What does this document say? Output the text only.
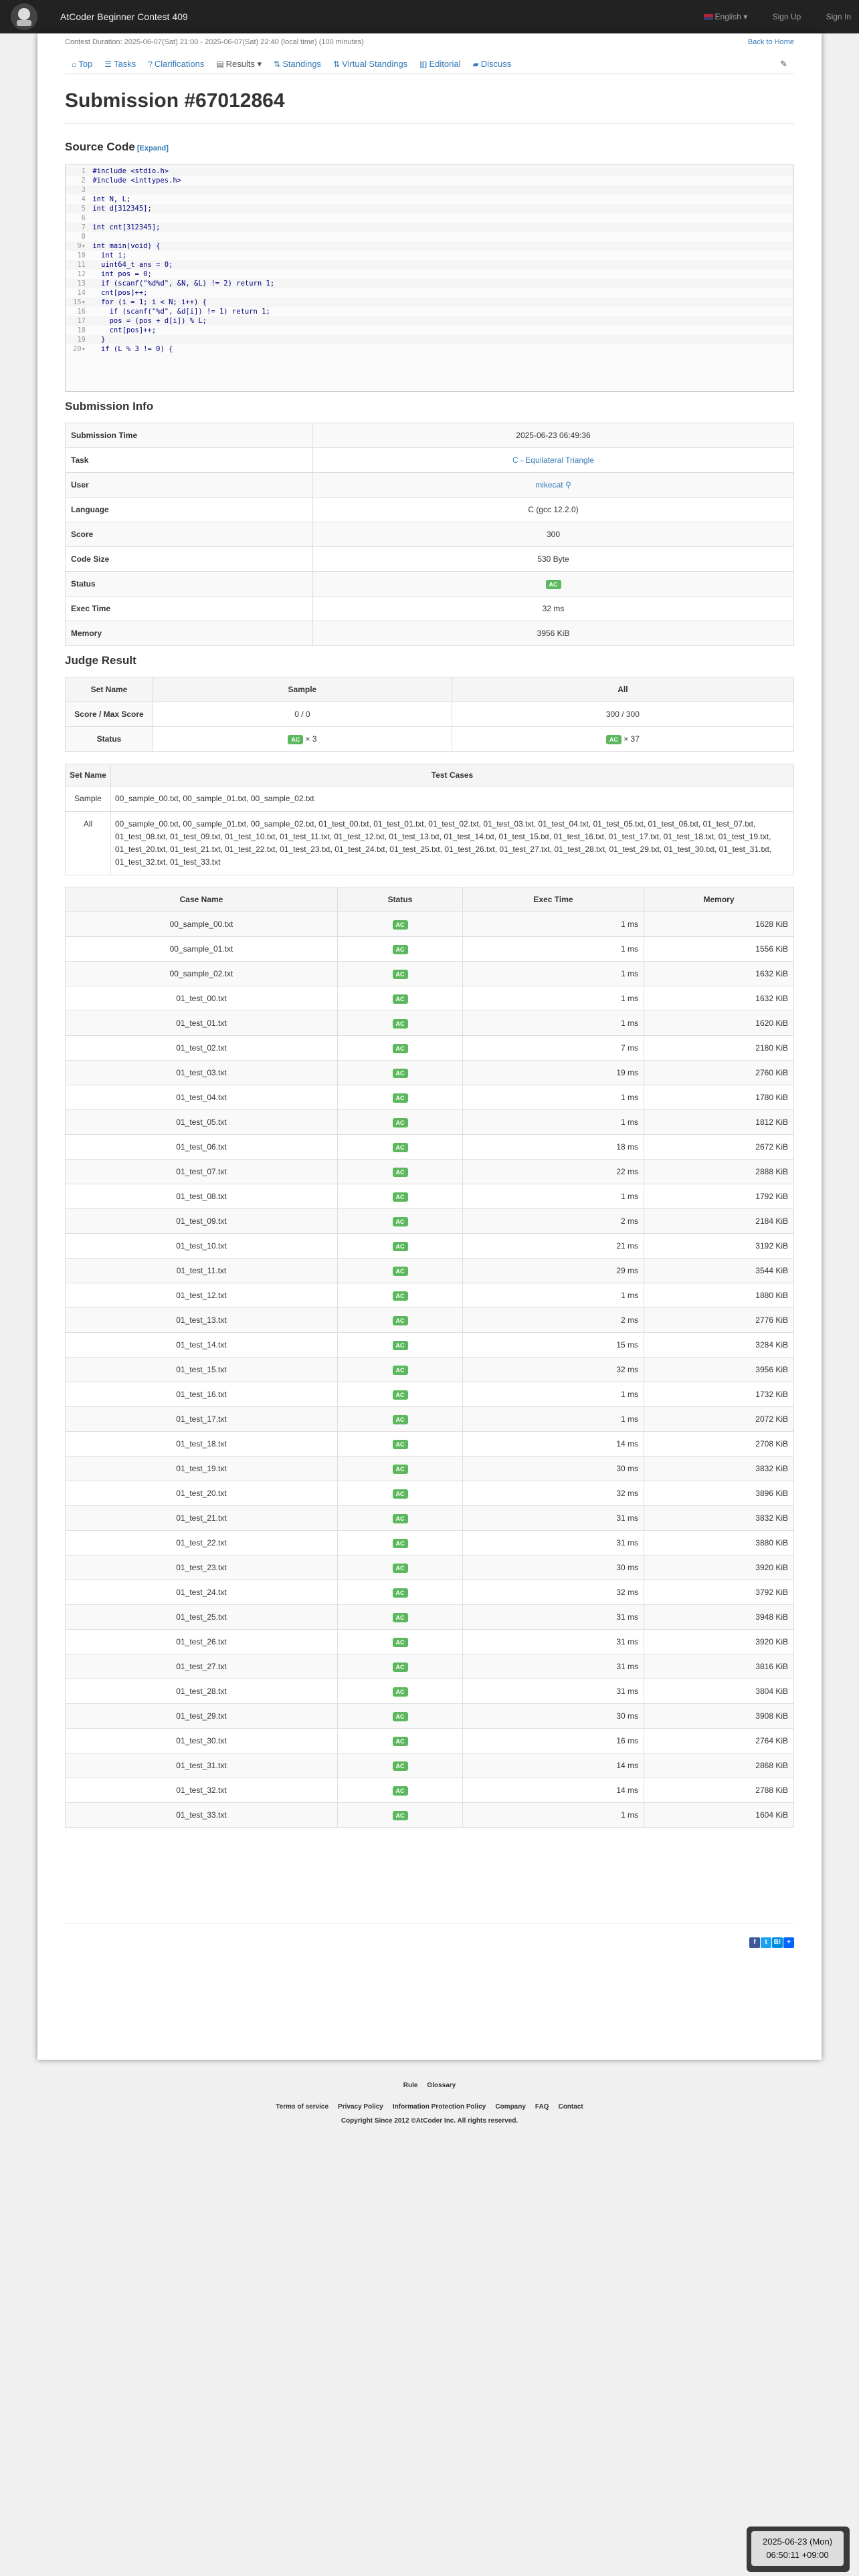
AtCoder Beginner Contest 409	English ▾	Sign Up	Sign In
Contest Duration: 2025-06-07(Sat) 21:00 - 2025-06-07(Sat) 22:40 (local time) (100 minutes)	Back to Home
⌂ Top ☰ Tasks ? Clarifications ▤ Results ▾ ⇅ Standings ⇅ Virtual Standings ▥ Editorial ▰ Discuss	✎
Submission #67012864
Source Code [Expand]
1 #include <stdio.h>
2 #include <inttypes.h>
3
4 int N, L;
5 int d[312345];
6
7 int cnt[312345];
8
9▾ int main(void) {
10   int i;
11   uint64_t ans = 0;
12   int pos = 0;
13   if (scanf("%d%d", &N, &L) != 2) return 1;
14   cnt[pos]++;
15▾   for (i = 1; i < N; i++) {
16     if (scanf("%d", &d[i]) != 1) return 1;
17     pos = (pos + d[i]) % L;
18     cnt[pos]++;
19   }
20▾   if (L % 3 != 0) {
Submission Info
Submission Time	2025-06-23 06:49:36
Task	C - Equilateral Triangle
User	mikecat ⚲
Language	C (gcc 12.2.0)
Score	300
Code Size	530 Byte
Status	AC
Exec Time	32 ms
Memory	3956 KiB
Judge Result
Set Name	Sample	All
Score / Max Score	0 / 0	300 / 300
Status	AC × 3	AC × 37
Set Name	Test Cases
Sample	00_sample_00.txt, 00_sample_01.txt, 00_sample_02.txt
All	00_sample_00.txt, 00_sample_01.txt, 00_sample_02.txt, 01_test_00.txt, 01_test_01.txt, 01_test_02.txt, 01_test_03.txt, 01_test_04.txt, 01_test_05.txt, 01_test_06.txt, 01_test_07.txt, 01_test_08.txt, 01_test_09.txt, 01_test_10.txt, 01_test_11.txt, 01_test_12.txt, 01_test_13.txt, 01_test_14.txt, 01_test_15.txt, 01_test_16.txt, 01_test_17.txt, 01_test_18.txt, 01_test_19.txt, 01_test_20.txt, 01_test_21.txt, 01_test_22.txt, 01_test_23.txt, 01_test_24.txt, 01_test_25.txt, 01_test_26.txt, 01_test_27.txt, 01_test_28.txt, 01_test_29.txt, 01_test_30.txt, 01_test_31.txt, 01_test_32.txt, 01_test_33.txt
Case Name	Status	Exec Time	Memory
00_sample_00.txt	AC	1 ms	1628 KiB
00_sample_01.txt	AC	1 ms	1556 KiB
00_sample_02.txt	AC	1 ms	1632 KiB
01_test_00.txt	AC	1 ms	1632 KiB
01_test_01.txt	AC	1 ms	1620 KiB
01_test_02.txt	AC	7 ms	2180 KiB
01_test_03.txt	AC	19 ms	2760 KiB
01_test_04.txt	AC	1 ms	1780 KiB
01_test_05.txt	AC	1 ms	1812 KiB
01_test_06.txt	AC	18 ms	2672 KiB
01_test_07.txt	AC	22 ms	2888 KiB
01_test_08.txt	AC	1 ms	1792 KiB
01_test_09.txt	AC	2 ms	2184 KiB
01_test_10.txt	AC	21 ms	3192 KiB
01_test_11.txt	AC	29 ms	3544 KiB
01_test_12.txt	AC	1 ms	1880 KiB
01_test_13.txt	AC	2 ms	2776 KiB
01_test_14.txt	AC	15 ms	3284 KiB
01_test_15.txt	AC	32 ms	3956 KiB
01_test_16.txt	AC	1 ms	1732 KiB
01_test_17.txt	AC	1 ms	2072 KiB
01_test_18.txt	AC	14 ms	2708 KiB
01_test_19.txt	AC	30 ms	3832 KiB
01_test_20.txt	AC	32 ms	3896 KiB
01_test_21.txt	AC	31 ms	3832 KiB
01_test_22.txt	AC	31 ms	3880 KiB
01_test_23.txt	AC	30 ms	3920 KiB
01_test_24.txt	AC	32 ms	3792 KiB
01_test_25.txt	AC	31 ms	3948 KiB
01_test_26.txt	AC	31 ms	3920 KiB
01_test_27.txt	AC	31 ms	3816 KiB
01_test_28.txt	AC	31 ms	3804 KiB
01_test_29.txt	AC	30 ms	3908 KiB
01_test_30.txt	AC	16 ms	2764 KiB
01_test_31.txt	AC	14 ms	2868 KiB
01_test_32.txt	AC	14 ms	2788 KiB
01_test_33.txt	AC	1 ms	1604 KiB
f t B! +
Rule Glossary
Terms of service Privacy Policy Information Protection Policy Company FAQ Contact
Copyright Since 2012 ©AtCoder Inc. All rights reserved.
2025-06-23 (Mon)
06:50:11 +09:00
